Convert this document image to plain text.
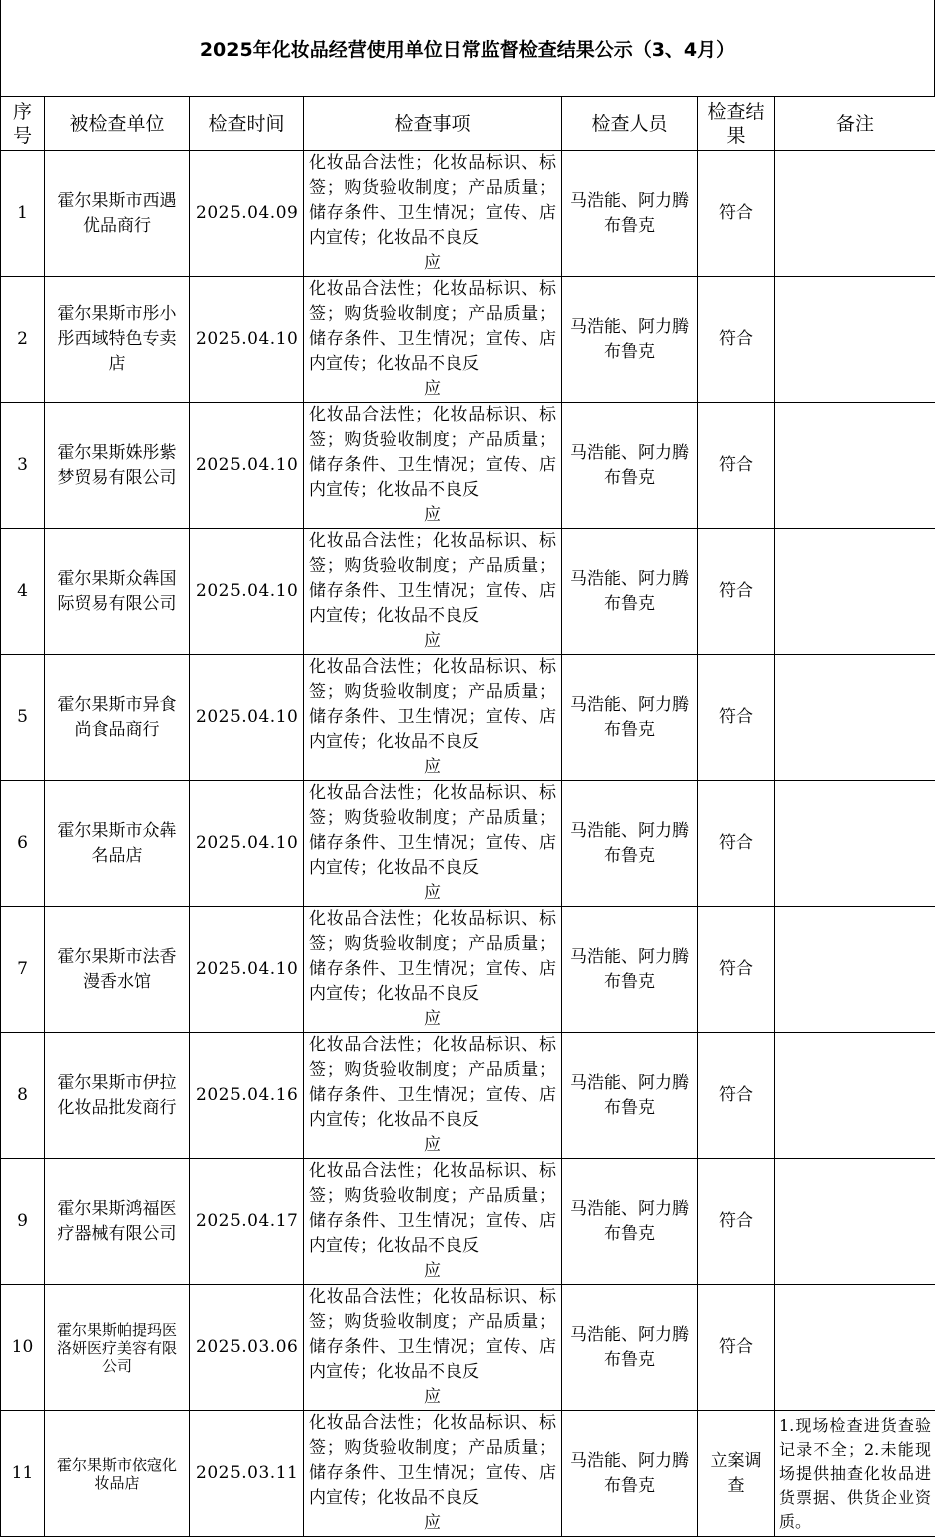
2025年化妆品经营使用单位日常监督检查结果公示（3、4月）
序号	被检查单位	检查时间	检查事项	检查人员	检查结果	备注
1	霍尔果斯市西遇优品商行	2025.04.09	化妆品合法性；化妆品标识、标签；购货验收制度；产品质量；储存条件、卫生情况；宣传、店内宣传；化妆品不良反
应	马浩能、阿力腾布鲁克	符合	
2	霍尔果斯市彤小彤西域特色专卖店	2025.04.10	化妆品合法性；化妆品标识、标签；购货验收制度；产品质量；储存条件、卫生情况；宣传、店内宣传；化妆品不良反
应	马浩能、阿力腾布鲁克	符合	
3	霍尔果斯姝彤紫梦贸易有限公司	2025.04.10	化妆品合法性；化妆品标识、标签；购货验收制度；产品质量；储存条件、卫生情况；宣传、店内宣传；化妆品不良反
应	马浩能、阿力腾布鲁克	符合	
4	霍尔果斯众犇国际贸易有限公司	2025.04.10	化妆品合法性；化妆品标识、标签；购货验收制度；产品质量；储存条件、卫生情况；宣传、店内宣传；化妆品不良反
应	马浩能、阿力腾布鲁克	符合	
5	霍尔果斯市异食尚食品商行	2025.04.10	化妆品合法性；化妆品标识、标签；购货验收制度；产品质量；储存条件、卫生情况；宣传、店内宣传；化妆品不良反
应	马浩能、阿力腾布鲁克	符合	
6	霍尔果斯市众犇名品店	2025.04.10	化妆品合法性；化妆品标识、标签；购货验收制度；产品质量；储存条件、卫生情况；宣传、店内宣传；化妆品不良反
应	马浩能、阿力腾布鲁克	符合	
7	霍尔果斯市法香漫香水馆	2025.04.10	化妆品合法性；化妆品标识、标签；购货验收制度；产品质量；储存条件、卫生情况；宣传、店内宣传；化妆品不良反
应	马浩能、阿力腾布鲁克	符合	
8	霍尔果斯市伊拉化妆品批发商行	2025.04.16	化妆品合法性；化妆品标识、标签；购货验收制度；产品质量；储存条件、卫生情况；宣传、店内宣传；化妆品不良反
应	马浩能、阿力腾布鲁克	符合	
9	霍尔果斯鸿福医疗器械有限公司	2025.04.17	化妆品合法性；化妆品标识、标签；购货验收制度；产品质量；储存条件、卫生情况；宣传、店内宣传；化妆品不良反
应	马浩能、阿力腾布鲁克	符合	
10	霍尔果斯帕提玛医洛妍医疗美容有限公司	2025.03.06	化妆品合法性；化妆品标识、标签；购货验收制度；产品质量；储存条件、卫生情况；宣传、店内宣传；化妆品不良反
应	马浩能、阿力腾布鲁克	符合	
11	霍尔果斯市依寇化妆品店	2025.03.11	化妆品合法性；化妆品标识、标签；购货验收制度；产品质量；储存条件、卫生情况；宣传、店内宣传；化妆品不良反
应	马浩能、阿力腾布鲁克	立案调查	1.现场检查进货查验记录不全；2.未能现场提供抽查化妆品进货票据、供货企业资质。
